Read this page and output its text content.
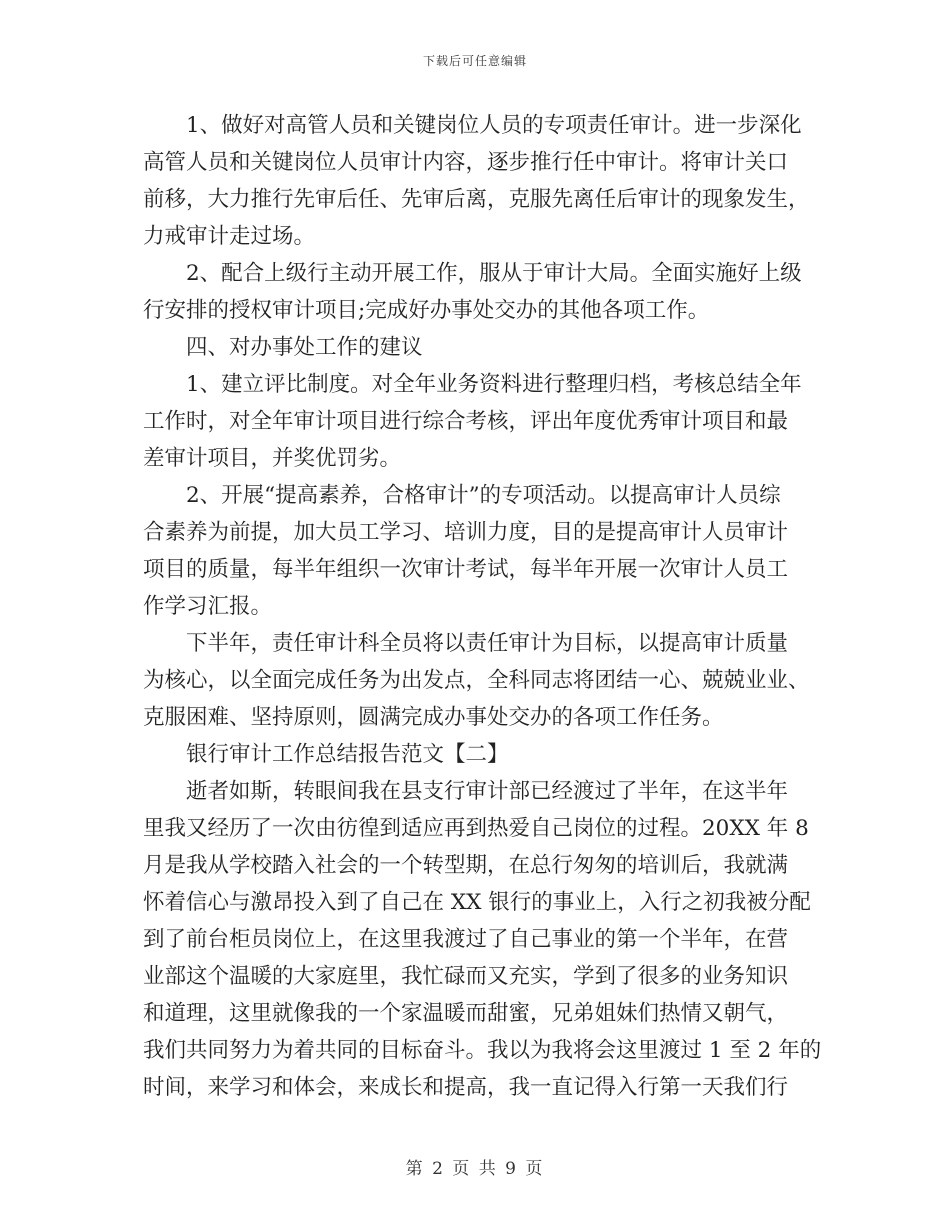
下载后可任意编辑
1、做好对高管人员和关键岗位人员的专项责任审计。进一步深化
高管人员和关键岗位人员审计内容，逐步推行任中审计。将审计关口
前移，大力推行先审后任、先审后离，克服先离任后审计的现象发生，
力戒审计走过场。
2、配合上级行主动开展工作，服从于审计大局。全面实施好上级
行安排的授权审计项目;完成好办事处交办的其他各项工作。
四、对办事处工作的建议
1、建立评比制度。对全年业务资料进行整理归档，考核总结全年
工作时，对全年审计项目进行综合考核，评出年度优秀审计项目和最
差审计项目，并奖优罚劣。
2、开展“提高素养，合格审计”的专项活动。以提高审计人员综
合素养为前提，加大员工学习、培训力度，目的是提高审计人员审计
项目的质量，每半年组织一次审计考试，每半年开展一次审计人员工
作学习汇报。
下半年，责任审计科全员将以责任审计为目标，以提高审计质量
为核心，以全面完成任务为出发点，全科同志将团结一心、兢兢业业、
克服困难、坚持原则，圆满完成办事处交办的各项工作任务。
银行审计工作总结报告范文【二】
逝者如斯，转眼间我在县支行审计部已经渡过了半年，在这半年
里我又经历了一次由彷徨到适应再到热爱自己岗位的过程。20XX 年 8
月是我从学校踏入社会的一个转型期，在总行匆匆的培训后，我就满
怀着信心与激昂投入到了自己在 XX 银行的事业上，入行之初我被分配
到了前台柜员岗位上，在这里我渡过了自己事业的第一个半年，在营
业部这个温暖的大家庭里，我忙碌而又充实，学到了很多的业务知识
和道理，这里就像我的一个家温暖而甜蜜，兄弟姐妹们热情又朝气，
我们共同努力为着共同的目标奋斗。我以为我将会这里渡过 1 至 2 年的
时间，来学习和体会，来成长和提高，我一直记得入行第一天我们行
第 2 页 共 9 页
